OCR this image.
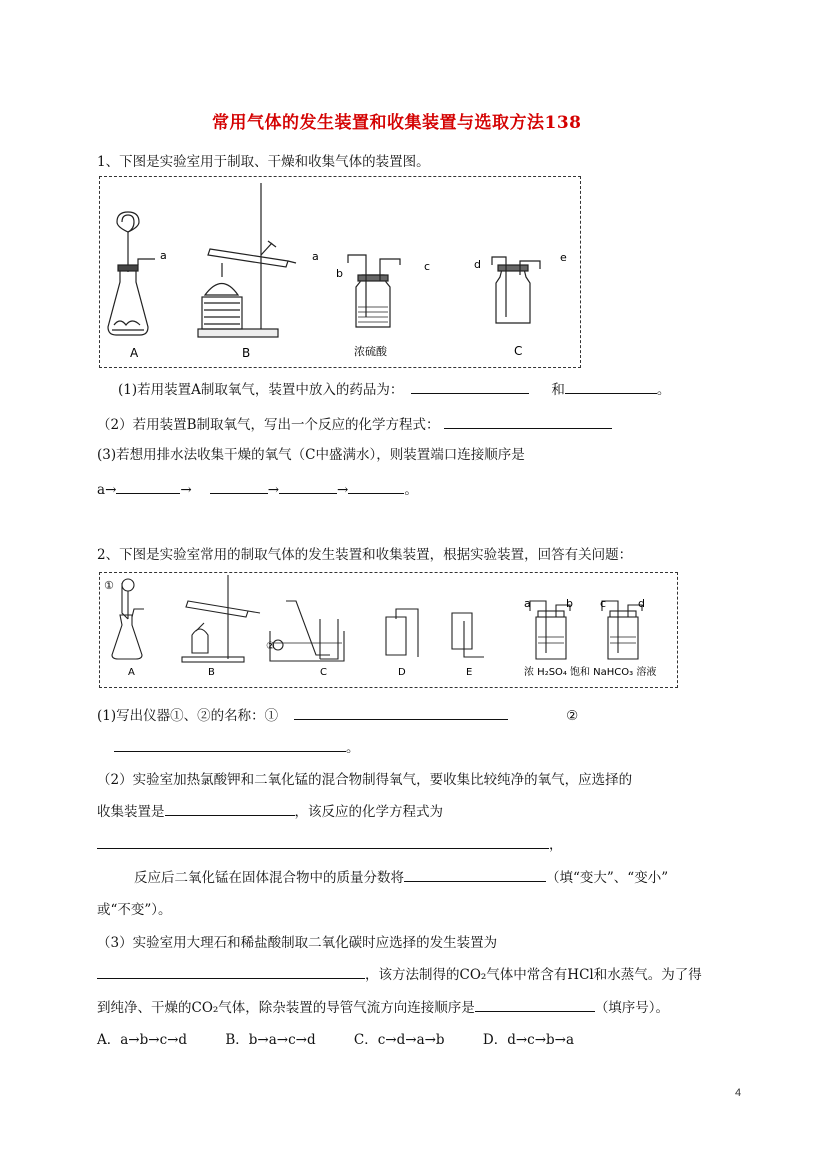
常用气体的发生装置和收集装置与选取方法138
1、下图是实验室用于制取、干燥和收集气体的装置图。
a	a
b
c	d
e
A	B	浓硫酸	C
(1)若用装置A制取氧气，装置中放入的药品为：	和	。
（2）若用装置B制取氧气，写出一个反应的化学方程式：
(3)若想用排水法收集干燥的氧气（C中盛满水），则装置端口连接顺序是
a→	→	→	→	。
2、下图是实验室常用的制取气体的发生装置和收集装置，根据实验装置，回答有关问题：
①
②
A	B	C	D	E
a	b c	d
浓 H₂SO₄ 饱和 NaHCO₃ 溶液
(1)写出仪器①、②的名称：①	②
。
（2）实验室加热氯酸钾和二氧化锰的混合物制得氧气，要收集比较纯净的氧气，应选择的
收集装置是	，该反应的化学方程式为
，
反应后二氧化锰在固体混合物中的质量分数将	（填“变大”、“变小”
或“不变”）。
（3）实验室用大理石和稀盐酸制取二氧化碳时应选择的发生装置为
，该方法制得的CO₂气体中常含有HCl和水蒸气。为了得
到纯净、干燥的CO₂气体，除杂装置的导管气流方向连接顺序是	（填序号）。
A．a→b→c→d	B．b→a→c→d	C．c→d→a→b	D．d→c→b→a
4
